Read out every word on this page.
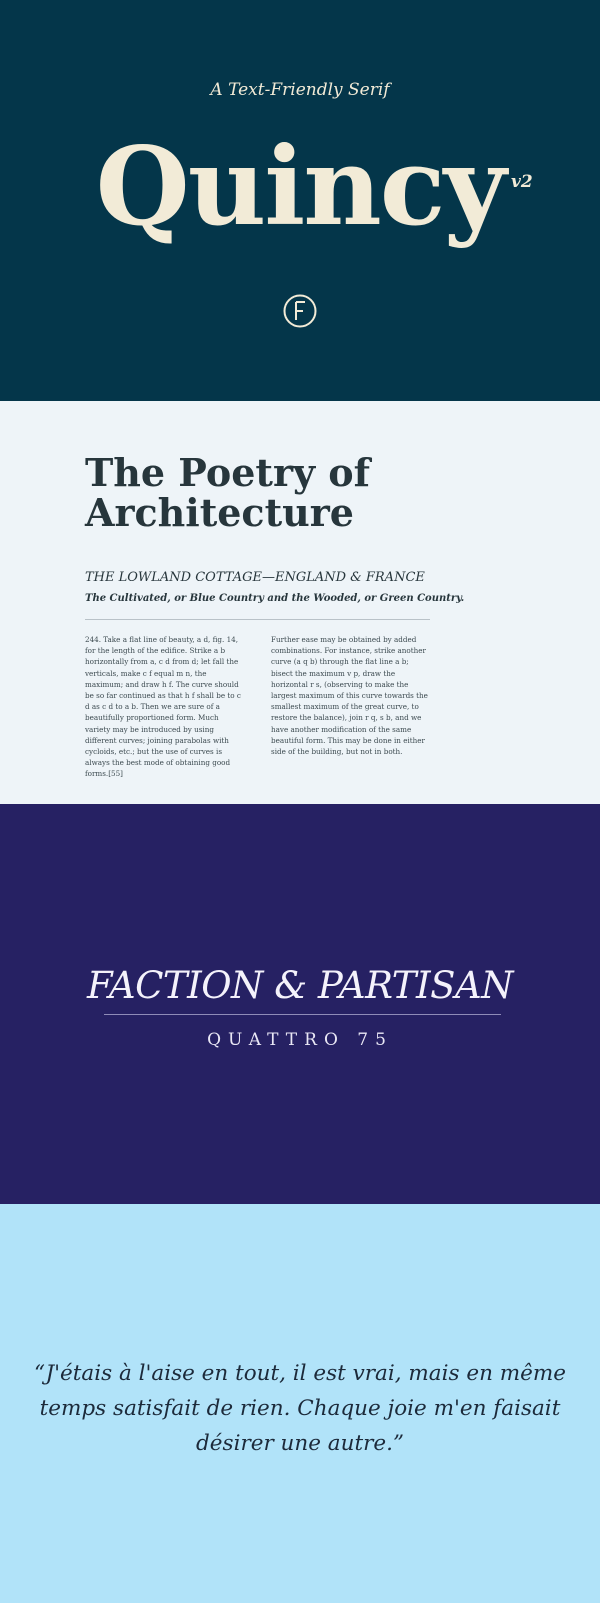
A Text-Friendly Serif
Quincy v2
The Poetry of Architecture

THE LOWLAND COTTAGE—ENGLAND & FRANCE

The Cultivated, or Blue Country and the Wooded, or Green Country.

244. Take a flat line of beauty, a d, fig. 14, for the length of the edifice. Strike a b horizontally from a, c d from d; let fall the verticals, make c f equal m n, the maximum; and draw h f. The curve should be so far continued as that h f shall be to c d as c d to a b. Then we are sure of a beautifully proportioned form. Much variety may be introduced by using different curves; joining parabolas with cycloids, etc.; but the use of curves is always the best mode of obtaining good forms.[55]
Further ease may be obtained by added combinations. For instance, strike another curve (a q b) through the flat line a b; bisect the maximum v p, draw the horizontal r s, (observing to make the largest maximum of this curve towards the smallest maximum of the great curve, to restore the balance), join r q, s b, and we have another modification of the same beautiful form. This may be done in either side of the building, but not in both.
FACTION & PARTISAN
QUATTRO 75
“J'étais à l'aise en tout, il est vrai, mais en même temps satisfait de rien. Chaque joie m'en faisait désirer une autre.”
